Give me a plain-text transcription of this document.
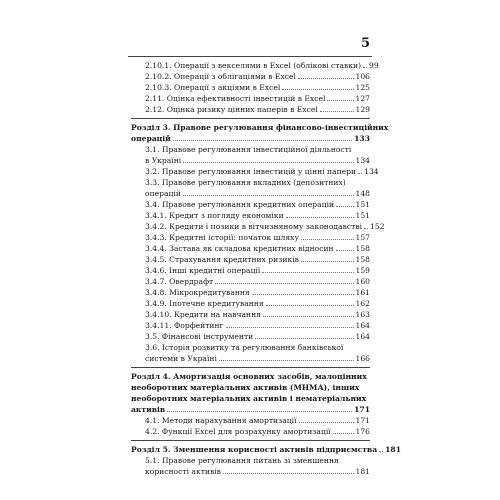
5
2.10.1. Операції з векселями в Excel (облікові ставки) 99
2.10.2. Операції з облігаціями в Excel	106
2.10.3. Операції з акціями в Excel	125
2.11. Оцінка ефективності інвестицій в Excel	127
2.12. Оцінка ризику цінних паперів в Excel	129
Розділ 3. Правове регулювання фінансово-інвестиційних
операцій	133
3.1. Правове регулювання інвестиційної діяльності
в Україні	134
3.2. Правове регулювання інвестицій у цінні папери 134
3.3. Правове регулювання вкладних (депозитних)
операцій	148
3.4. Правове регулювання кредитних операцій	151
3.4.1. Кредит з погляду економіки	151
3.4.2. Кредити і позики в вітчизняному законодавстві 152
3.4.3. Кредитні історії: початок шляху	157
3.4.4. Застава як складова кредитних відносин	158
3.4.5. Страхування кредитних ризиків	158
3.4.6. Інші кредитні операції	159
3.4.7. Овердрафт	160
3.4.8. Мікрокредитування	161
3.4.9. Іпотечне кредитування	162
3.4.10. Кредити на навчання	163
3.4.11. Форфейтинг	164
3.5. Фінансові інструменти	164
3.6. Історія розвитку та регулювання банківської
системи в Україні	166
Розділ 4. Амортизація основних засобів, малоцінних
необоротних матеріальних активів (МНМА), інших
необоротних матеріальних активів і нематеріальних
активів	171
4.1. Методи нарахування амортизації	171
4.2. Функції Excel для розрахунку амортизації	176
Розділ 5. Зменшення корисності активів підприємства 181
5.1. Правове регулювання питань зі зменшення
корисності активів	181
